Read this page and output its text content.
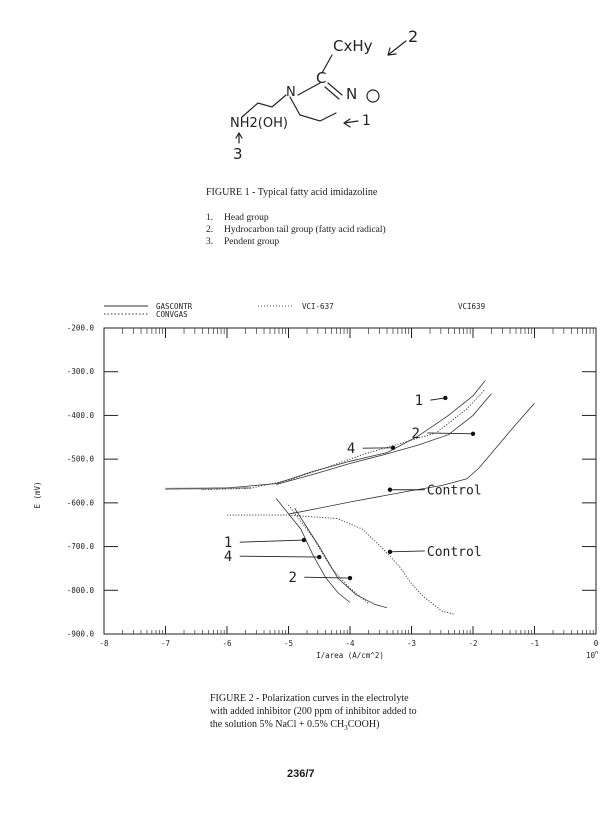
CxHy 2
C
N
N
NH2(OH)	1
3
FIGURE 1 - Typical fatty acid imidazoline
1. Head group
2. Hydrocarbon tail group (fatty acid radical)
3. Pendent group
GASCONTR
CONVGAS
VCI-637	VCI639
-8	-7	-6	-5	-4	-3	-2	-1	0
-200.0
-300.0
-400.0
-500.0
-600.0
-700.0
-800.0
-900.0
1
2
4
Control
1
4
2
Control
I/area (A/cm^2)	10$^n$
E (mV)
FIGURE 2 - Polarization curves in the electrolyte
with added inhibitor (200 ppm of inhibitor added to
the solution 5% NaCl + 0.5% $CH_3COOH$)
236/7
